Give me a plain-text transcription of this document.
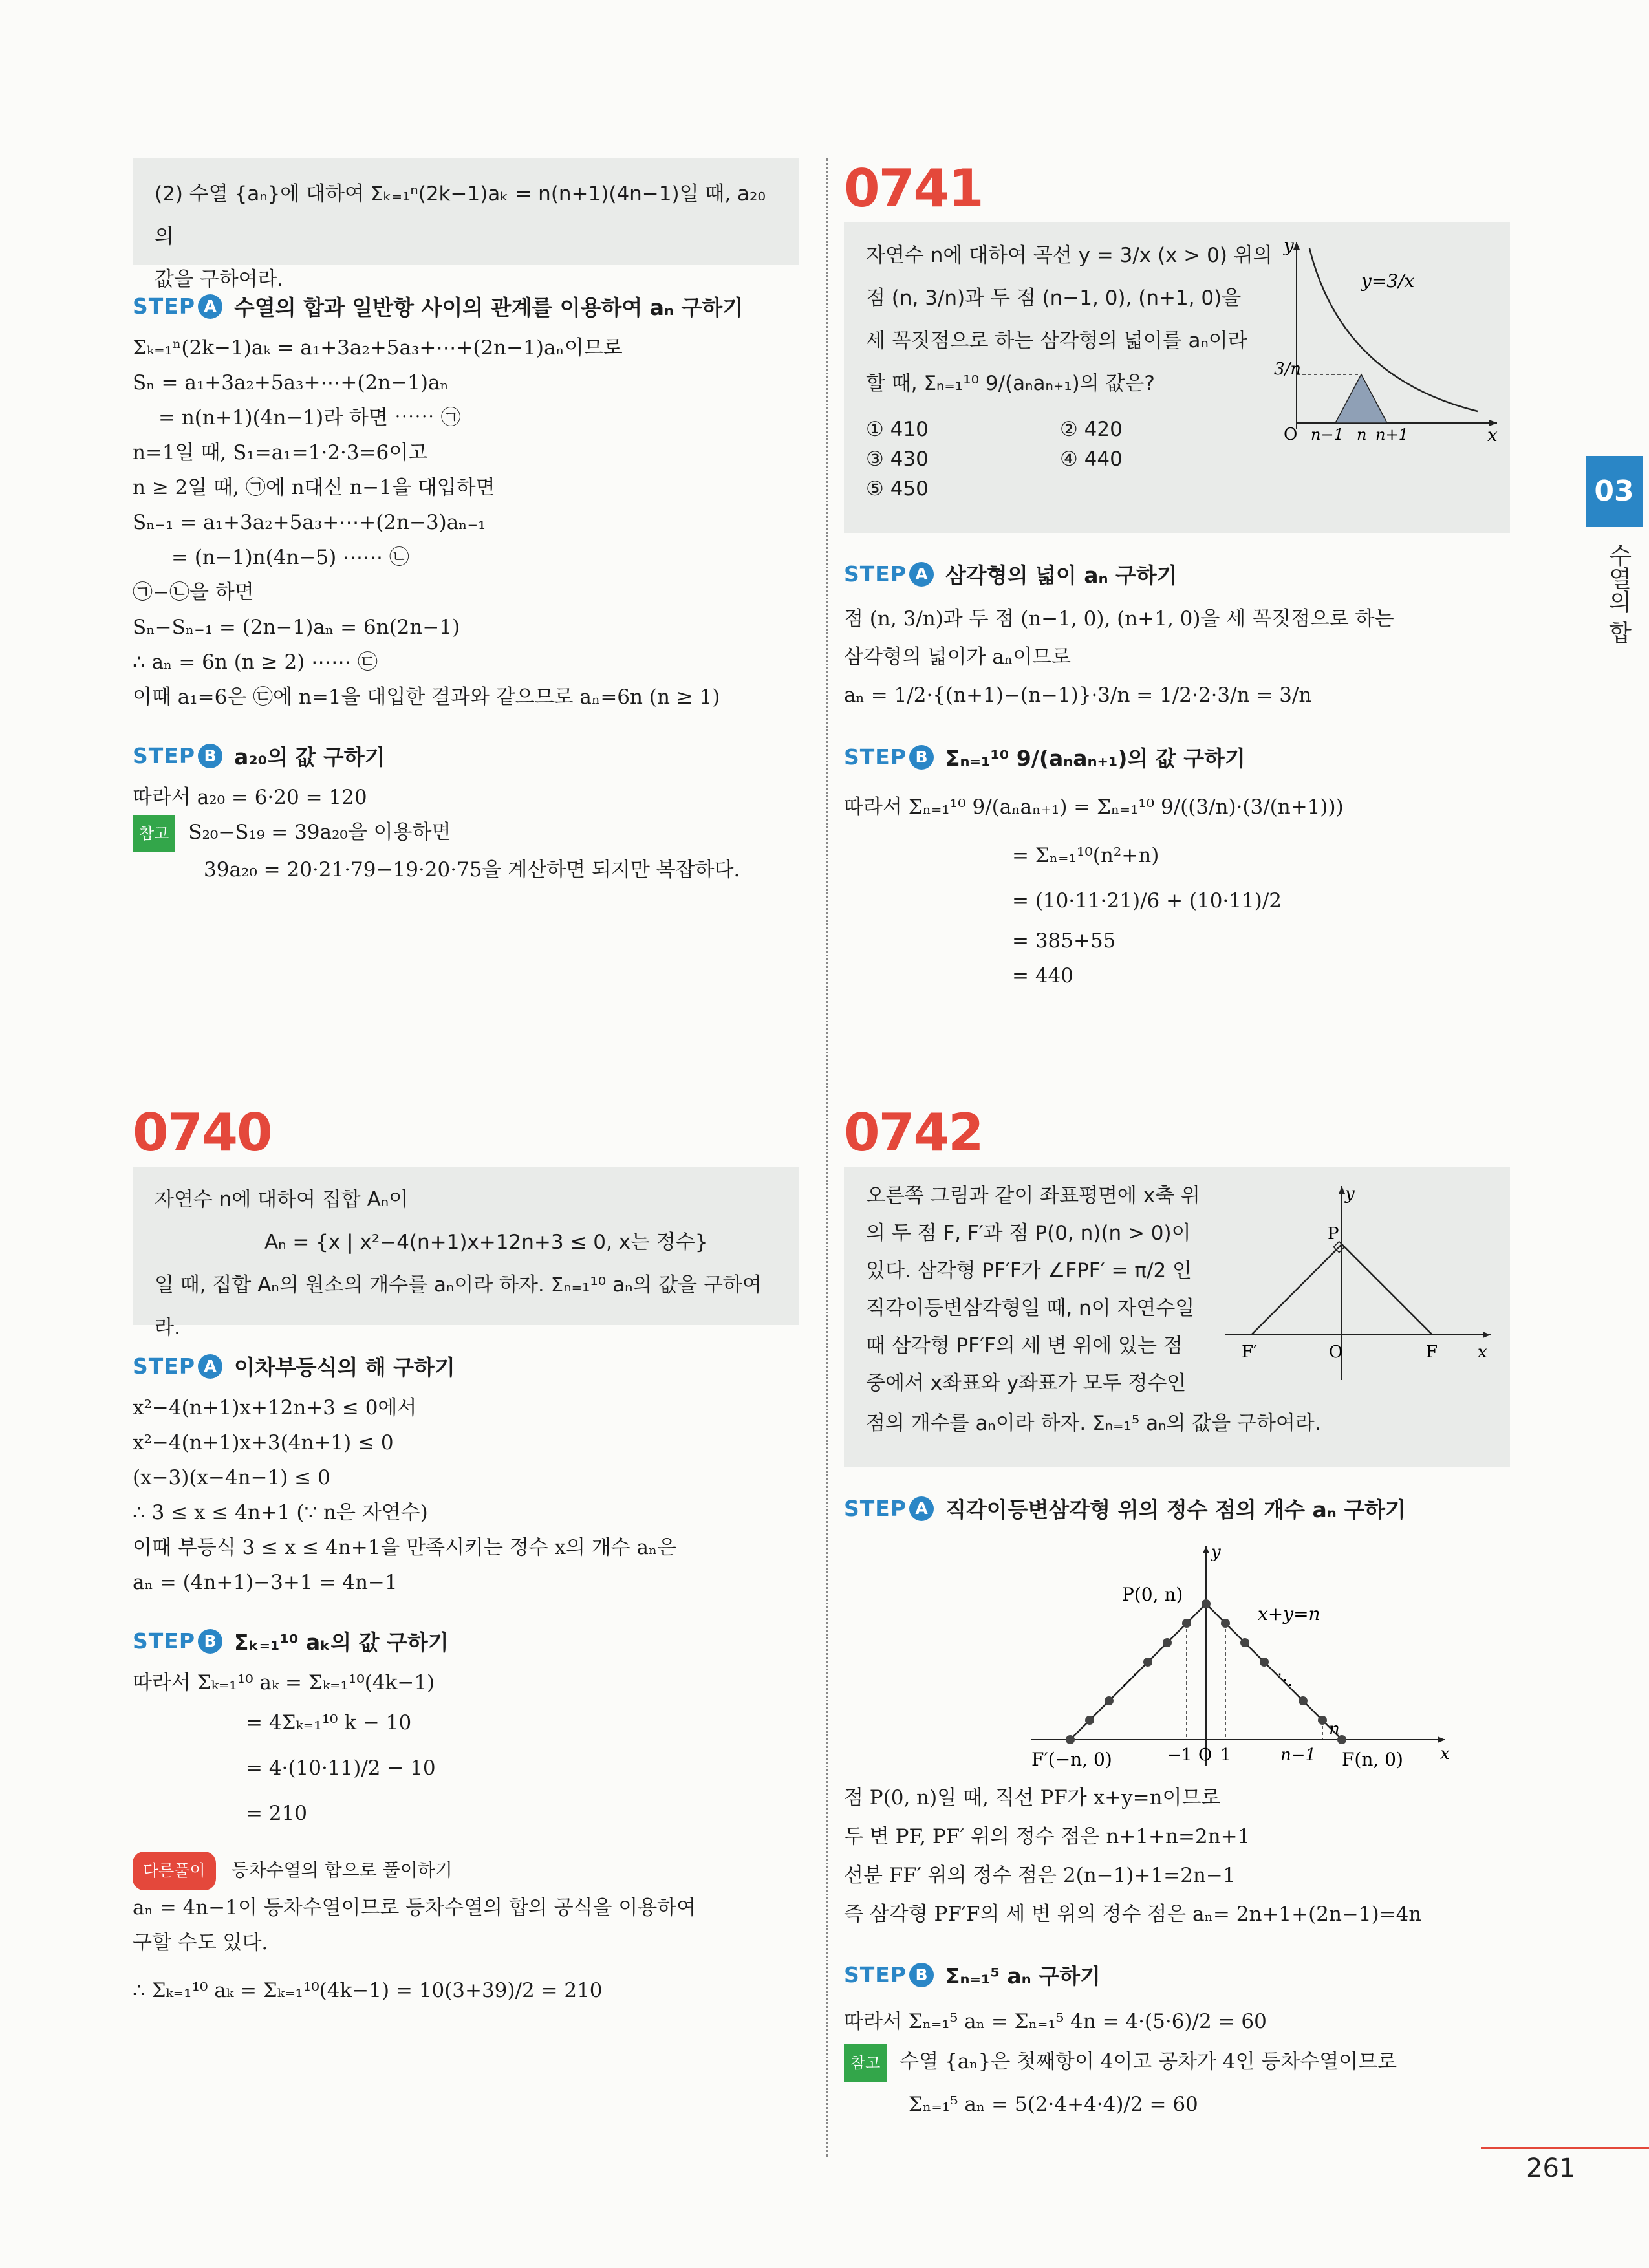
(2) 수열 {aₙ}에 대하여 Σₖ₌₁ⁿ(2k−1)aₖ = n(n+1)(4n−1)일 때, a₂₀의
값을 구하여라.
STEP A 수열의 합과 일반항 사이의 관계를 이용하여 aₙ 구하기
Σₖ₌₁ⁿ(2k−1)aₖ = a₁+3a₂+5a₃+⋯+(2n−1)aₙ이므로
Sₙ = a₁+3a₂+5a₃+⋯+(2n−1)aₙ
= n(n+1)(4n−1)라 하면 ⋯⋯ ㉠
n=1일 때, S₁=a₁=1·2·3=6이고
n ≥ 2일 때, ㉠에 n대신 n−1을 대입하면
Sₙ₋₁ = a₁+3a₂+5a₃+⋯+(2n−3)aₙ₋₁
= (n−1)n(4n−5) ⋯⋯ ㉡
㉠−㉡을 하면
Sₙ−Sₙ₋₁ = (2n−1)aₙ = 6n(2n−1)
∴ aₙ = 6n (n ≥ 2) ⋯⋯ ㉢
이때 a₁=6은 ㉢에 n=1을 대입한 결과와 같으므로 aₙ=6n (n ≥ 1)
STEP B a₂₀의 값 구하기
따라서 a₂₀ = 6·20 = 120
참고 S₂₀−S₁₉ = 39a₂₀을 이용하면
39a₂₀ = 20·21·79−19·20·75을 계산하면 되지만 복잡하다.
0740
자연수 n에 대하여 집합 Aₙ이
Aₙ = {x | x²−4(n+1)x+12n+3 ≤ 0, x는 정수}
일 때, 집합 Aₙ의 원소의 개수를 aₙ이라 하자. Σₙ₌₁¹⁰ aₙ의 값을 구하여라.
STEP A 이차부등식의 해 구하기
x²−4(n+1)x+12n+3 ≤ 0에서
x²−4(n+1)x+3(4n+1) ≤ 0
(x−3)(x−4n−1) ≤ 0
∴ 3 ≤ x ≤ 4n+1 (∵ n은 자연수)
이때 부등식 3 ≤ x ≤ 4n+1을 만족시키는 정수 x의 개수 aₙ은
aₙ = (4n+1)−3+1 = 4n−1
STEP B Σₖ₌₁¹⁰ aₖ의 값 구하기
따라서 Σₖ₌₁¹⁰ aₖ = Σₖ₌₁¹⁰(4k−1)
= 4Σₖ₌₁¹⁰ k − 10
= 4·(10·11)/2 − 10
= 210
다른풀이 등차수열의 합으로 풀이하기
aₙ = 4n−1이 등차수열이므로 등차수열의 합의 공식을 이용하여
구할 수도 있다.
∴ Σₖ₌₁¹⁰ aₖ = Σₖ₌₁¹⁰(4k−1) = 10(3+39)/2 = 210
0741
자연수 n에 대하여 곡선 y = 3/x (x > 0) 위의
점 (n, 3/n)과 두 점 (n−1, 0), (n+1, 0)을
세 꼭짓점으로 하는 삼각형의 넓이를 aₙ이라
할 때, Σₙ₌₁¹⁰ 9/(aₙaₙ₊₁)의 값은?
① 410	② 420
③ 430	④ 440
⑤ 450
y
x
y=3/x
3/n
O n−1 n n+1
STEP A 삼각형의 넓이 aₙ 구하기
점 (n, 3/n)과 두 점 (n−1, 0), (n+1, 0)을 세 꼭짓점으로 하는
삼각형의 넓이가 aₙ이므로
aₙ = 1/2·{(n+1)−(n−1)}·3/n = 1/2·2·3/n = 3/n
STEP B Σₙ₌₁¹⁰ 9/(aₙaₙ₊₁)의 값 구하기
따라서 Σₙ₌₁¹⁰ 9/(aₙaₙ₊₁) = Σₙ₌₁¹⁰ 9/((3/n)·(3/(n+1)))
= Σₙ₌₁¹⁰(n²+n)
= (10·11·21)/6 + (10·11)/2
= 385+55
= 440
0742
오른쪽 그림과 같이 좌표평면에 x축 위
의 두 점 F, F′과 점 P(0, n)(n > 0)이
있다. 삼각형 PF′F가 ∠FPF′ = π/2 인
직각이등변삼각형일 때, n이 자연수일
때 삼각형 PF′F의 세 변 위에 있는 점
중에서 x좌표와 y좌표가 모두 정수인
점의 개수를 aₙ이라 하자. Σₙ₌₁⁵ aₙ의 값을 구하여라.
y
x
P
F′	O	F
STEP A 직각이등변삼각형 위의 정수 점의 개수 aₙ 구하기
⋰	⋱
y
x
P(0, n)
x+y=n
F′(−n, 0)	−1 O 1	n−1 F(n, 0)
n
점 P(0, n)일 때, 직선 PF가 x+y=n이므로
두 변 PF, PF′ 위의 정수 점은 n+1+n=2n+1
선분 FF′ 위의 정수 점은 2(n−1)+1=2n−1
즉 삼각형 PF′F의 세 변 위의 정수 점은 aₙ= 2n+1+(2n−1)=4n
STEP B Σₙ₌₁⁵ aₙ 구하기
따라서 Σₙ₌₁⁵ aₙ = Σₙ₌₁⁵ 4n = 4·(5·6)/2 = 60
참고 수열 {aₙ}은 첫째항이 4이고 공차가 4인 등차수열이므로
Σₙ₌₁⁵ aₙ = 5(2·4+4·4)/2 = 60
03
수열의 합
261
